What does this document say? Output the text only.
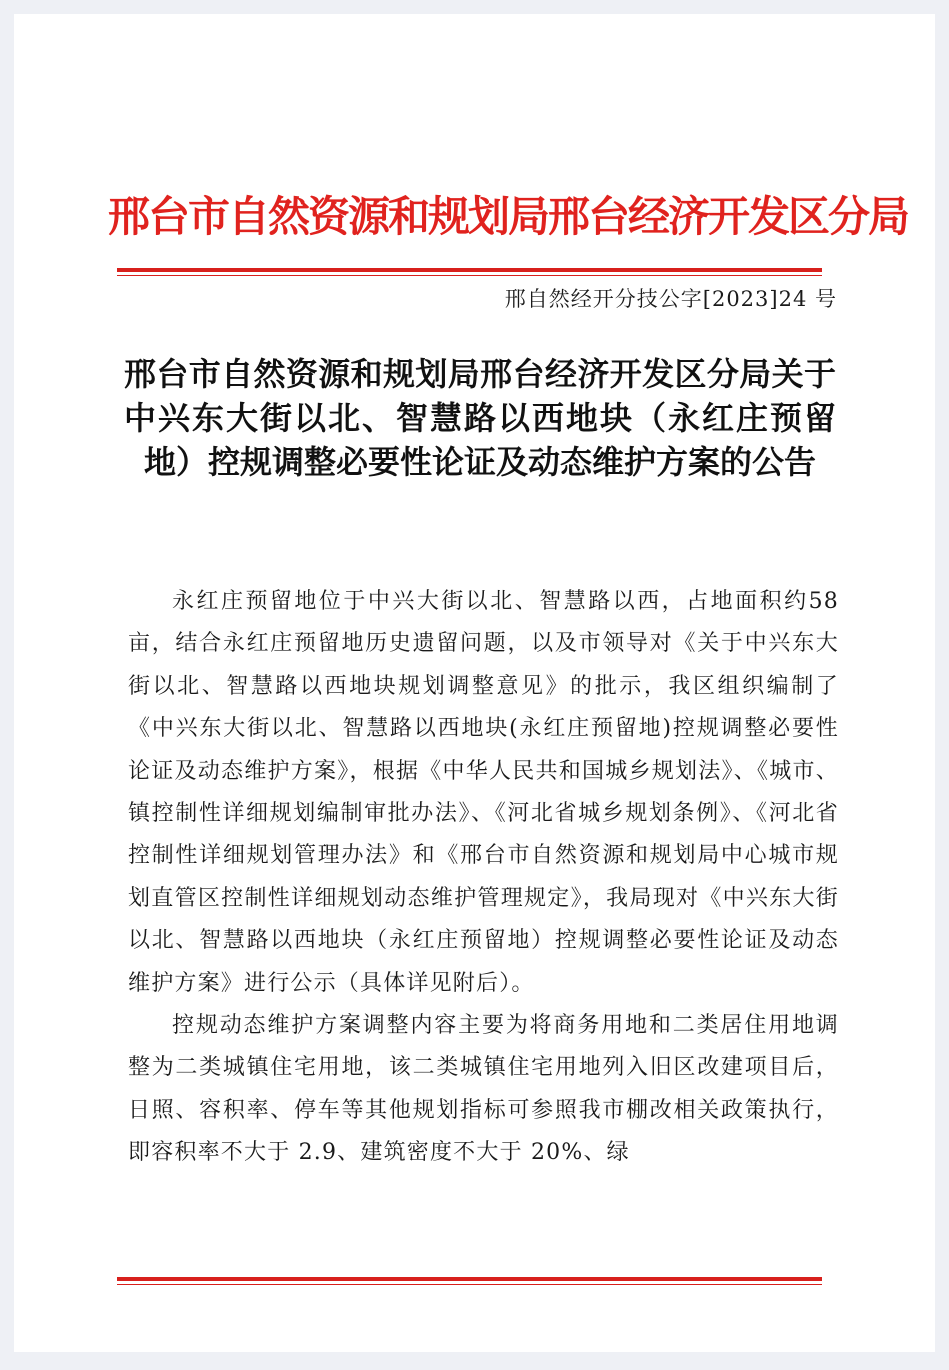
邢台市自然资源和规划局邢台经济开发区分局
邢自然经开分技公字[2023]24 号
邢台市自然资源和规划局邢台经济开发区分局关于中兴东大街以北、智慧路以西地块（永红庄预留地）控规调整必要性论证及动态维护方案的公告

永红庄预留地位于中兴大街以北、智慧路以西，占地面积约58亩，结合永红庄预留地历史遗留问题，以及市领导对《关于中兴东大街以北、智慧路以西地块规划调整意见》的批示，我区组织编制了《中兴东大街以北、智慧路以西地块(永红庄预留地)控规调整必要性论证及动态维护方案》，根据《中华人民共和国城乡规划法》、《城市、镇控制性详细规划编制审批办法》、《河北省城乡规划条例》、《河北省控制性详细规划管理办法》和《邢台市自然资源和规划局中心城市规划直管区控制性详细规划动态维护管理规定》，我局现对《中兴东大街以北、智慧路以西地块（永红庄预留地）控规调整必要性论证及动态维护方案》进行公示（具体详见附后）。

控规动态维护方案调整内容主要为将商务用地和二类居住用地调整为二类城镇住宅用地，该二类城镇住宅用地列入旧区改建项目后，日照、容积率、停车等其他规划指标可参照我市棚改相关政策执行，即容积率不大于 2.9、建筑密度不大于 20%、绿
